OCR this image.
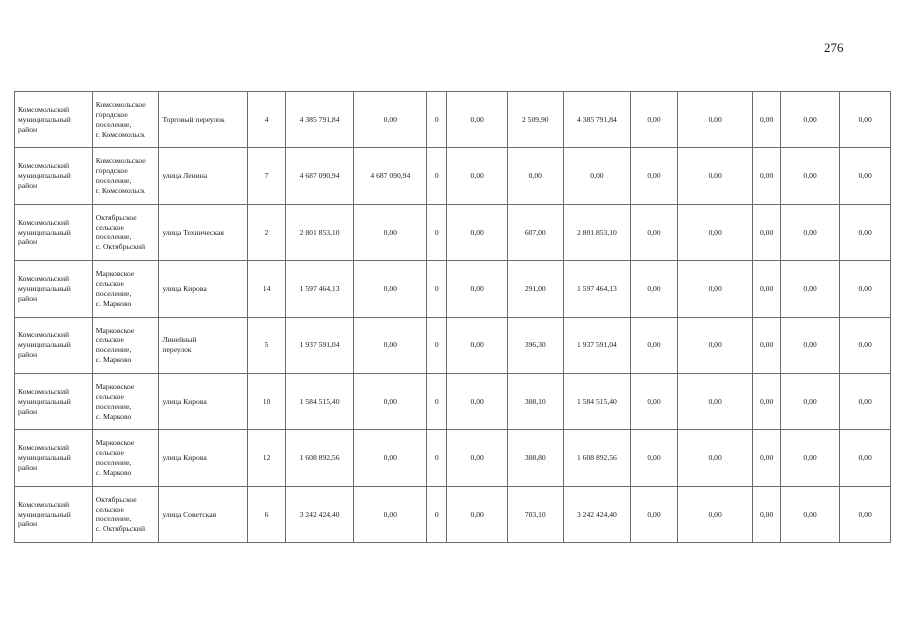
276
Комсомольский
муниципальный
район	Комсомольское
городское
поселение,
г. Комсомольск	Торговый переулок	4	4 385 791,84	0,00	0	0,00	2 509,90	4 385 791,84	0,00	0,00	0,00	0,00	0,00

Комсомольский
муниципальный
район	Комсомольское
городское
поселение,
г. Комсомольск	улица Ленина	7	4 687 090,94	4 687 090,94	0	0,00	0,00	0,00	0,00	0,00	0,00	0,00	0,00

Комсомольский
муниципальный
район	Октябрьское
сельское
поселение,
с. Октябрьский	улица Техническая	2	2 801 853,10	0,00	0	0,00	607,00	2 801 853,10	0,00	0,00	0,00	0,00	0,00

Комсомольский
муниципальный
район	Марковское
сельское
поселение,
с. Марково	улица Кирова	14	1 597 464,13	0,00	0	0,00	291,00	1 597 464,13	0,00	0,00	0,00	0,00	0,00

Комсомольский
муниципальный
район	Марковское
сельское
поселение,
с. Марково	Линейный
переулок	5	1 937 591,04	0,00	0	0,00	396,30	1 937 591,04	0,00	0,00	0,00	0,00	0,00

Комсомольский
муниципальный
район	Марковское
сельское
поселение,
с. Марково	улица Кирова	10	1 584 515,40	0,00	0	0,00	308,10	1 584 515,40	0,00	0,00	0,00	0,00	0,00

Комсомольский
муниципальный
район	Марковское
сельское
поселение,
с. Марково	улица Кирова	12	1 608 892,56	0,00	0	0,00	308,80	1 608 892,56	0,00	0,00	0,00	0,00	0,00

Комсомольский
муниципальный
район	Октябрьское
сельское
поселение,
с. Октябрьский	улица Советская	6	3 242 424,40	0,00	0	0,00	703,10	3 242 424,40	0,00	0,00	0,00	0,00	0,00
